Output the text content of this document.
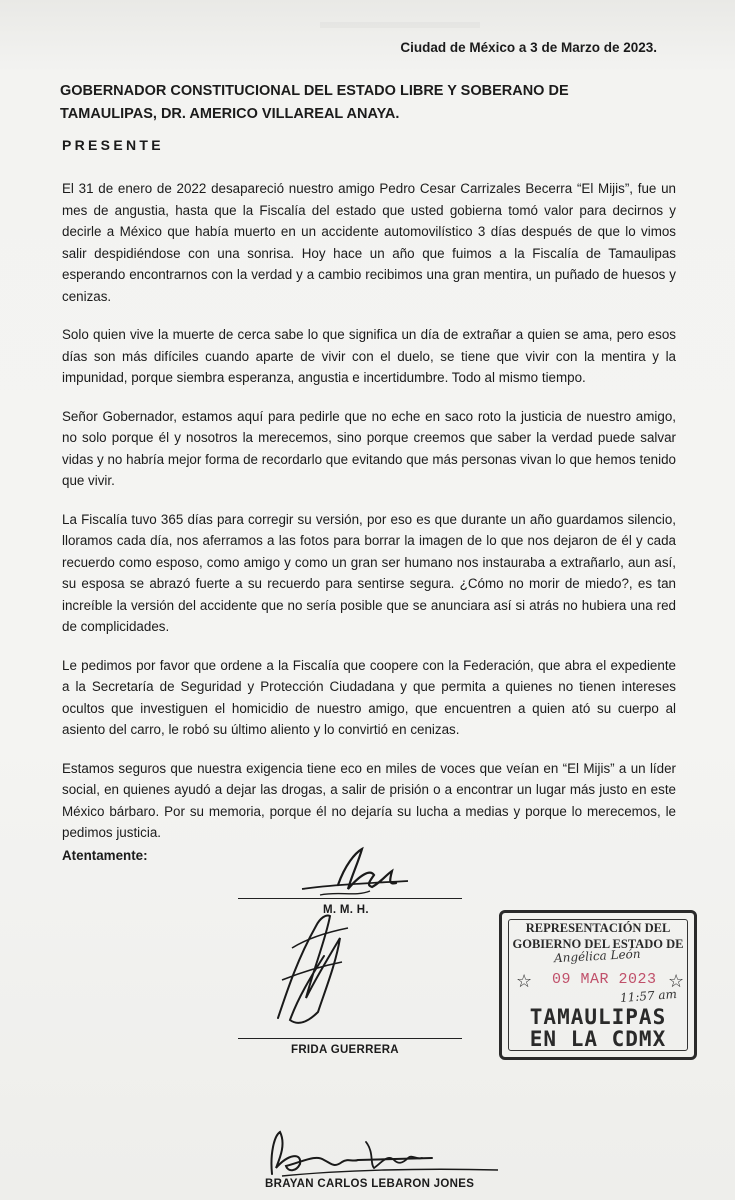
Ciudad de México a 3 de Marzo de 2023.
GOBERNADOR CONSTITUCIONAL DEL ESTADO LIBRE Y SOBERANO DE TAMAULIPAS, DR. AMERICO VILLAREAL ANAYA.
PRESENTE

El 31 de enero de 2022 desapareció nuestro amigo Pedro Cesar Carrizales Becerra “El Mijis”, fue un mes de angustia, hasta que la Fiscalía del estado que usted gobierna tomó valor para decirnos y decirle a México que había muerto en un accidente automovilístico 3 días después de que lo vimos salir despidiéndose con una sonrisa. Hoy hace un año que fuimos a la Fiscalía de Tamaulipas esperando encontrarnos con la verdad y a cambio recibimos una gran mentira, un puñado de huesos y cenizas.

Solo quien vive la muerte de cerca sabe lo que significa un día de extrañar a quien se ama, pero esos días son más difíciles cuando aparte de vivir con el duelo, se tiene que vivir con la mentira y la impunidad, porque siembra esperanza, angustia e incertidumbre. Todo al mismo tiempo.

Señor Gobernador, estamos aquí para pedirle que no eche en saco roto la justicia de nuestro amigo, no solo porque él y nosotros la merecemos, sino porque creemos que saber la verdad puede salvar vidas y no habría mejor forma de recordarlo que evitando que más personas vivan lo que hemos tenido que vivir.

La Fiscalía tuvo 365 días para corregir su versión, por eso es que durante un año guardamos silencio, lloramos cada día, nos aferramos a las fotos para borrar la imagen de lo que nos dejaron de él y cada recuerdo como esposo, como amigo y como un gran ser humano nos instauraba a extrañarlo, aun así, su esposa se abrazó fuerte a su recuerdo para sentirse segura. ¿Cómo no morir de miedo?, es tan increíble la versión del accidente que no sería posible que se anunciara así si atrás no hubiera una red de complicidades.

Le pedimos por favor que ordene a la Fiscalía que coopere con la Federación, que abra el expediente a la Secretaría de Seguridad y Protección Ciudadana y que permita a quienes no tienen intereses ocultos que investiguen el homicidio de nuestro amigo, que encuentren a quien ató su cuerpo al asiento del carro, le robó su último aliento y lo convirtió en cenizas.

Estamos seguros que nuestra exigencia tiene eco en miles de voces que veían en “El Mijis” a un líder social, en quienes ayudó a dejar las drogas, a salir de prisión o a encontrar un lugar más justo en este México bárbaro. Por su memoria, porque él no dejaría su lucha a medias y porque lo merecemos, le pedimos justicia.

Atentamente:

M. M. H.
FRIDA GUERRERA
BRAYAN CARLOS LEBARON JONES
REPRESENTACIÓN DEL
GOBIERNO DEL ESTADO DE
Angélica León
☆ 09 MAR 2023 ☆
11:57 am
TAMAULIPAS
EN LA CDMX
